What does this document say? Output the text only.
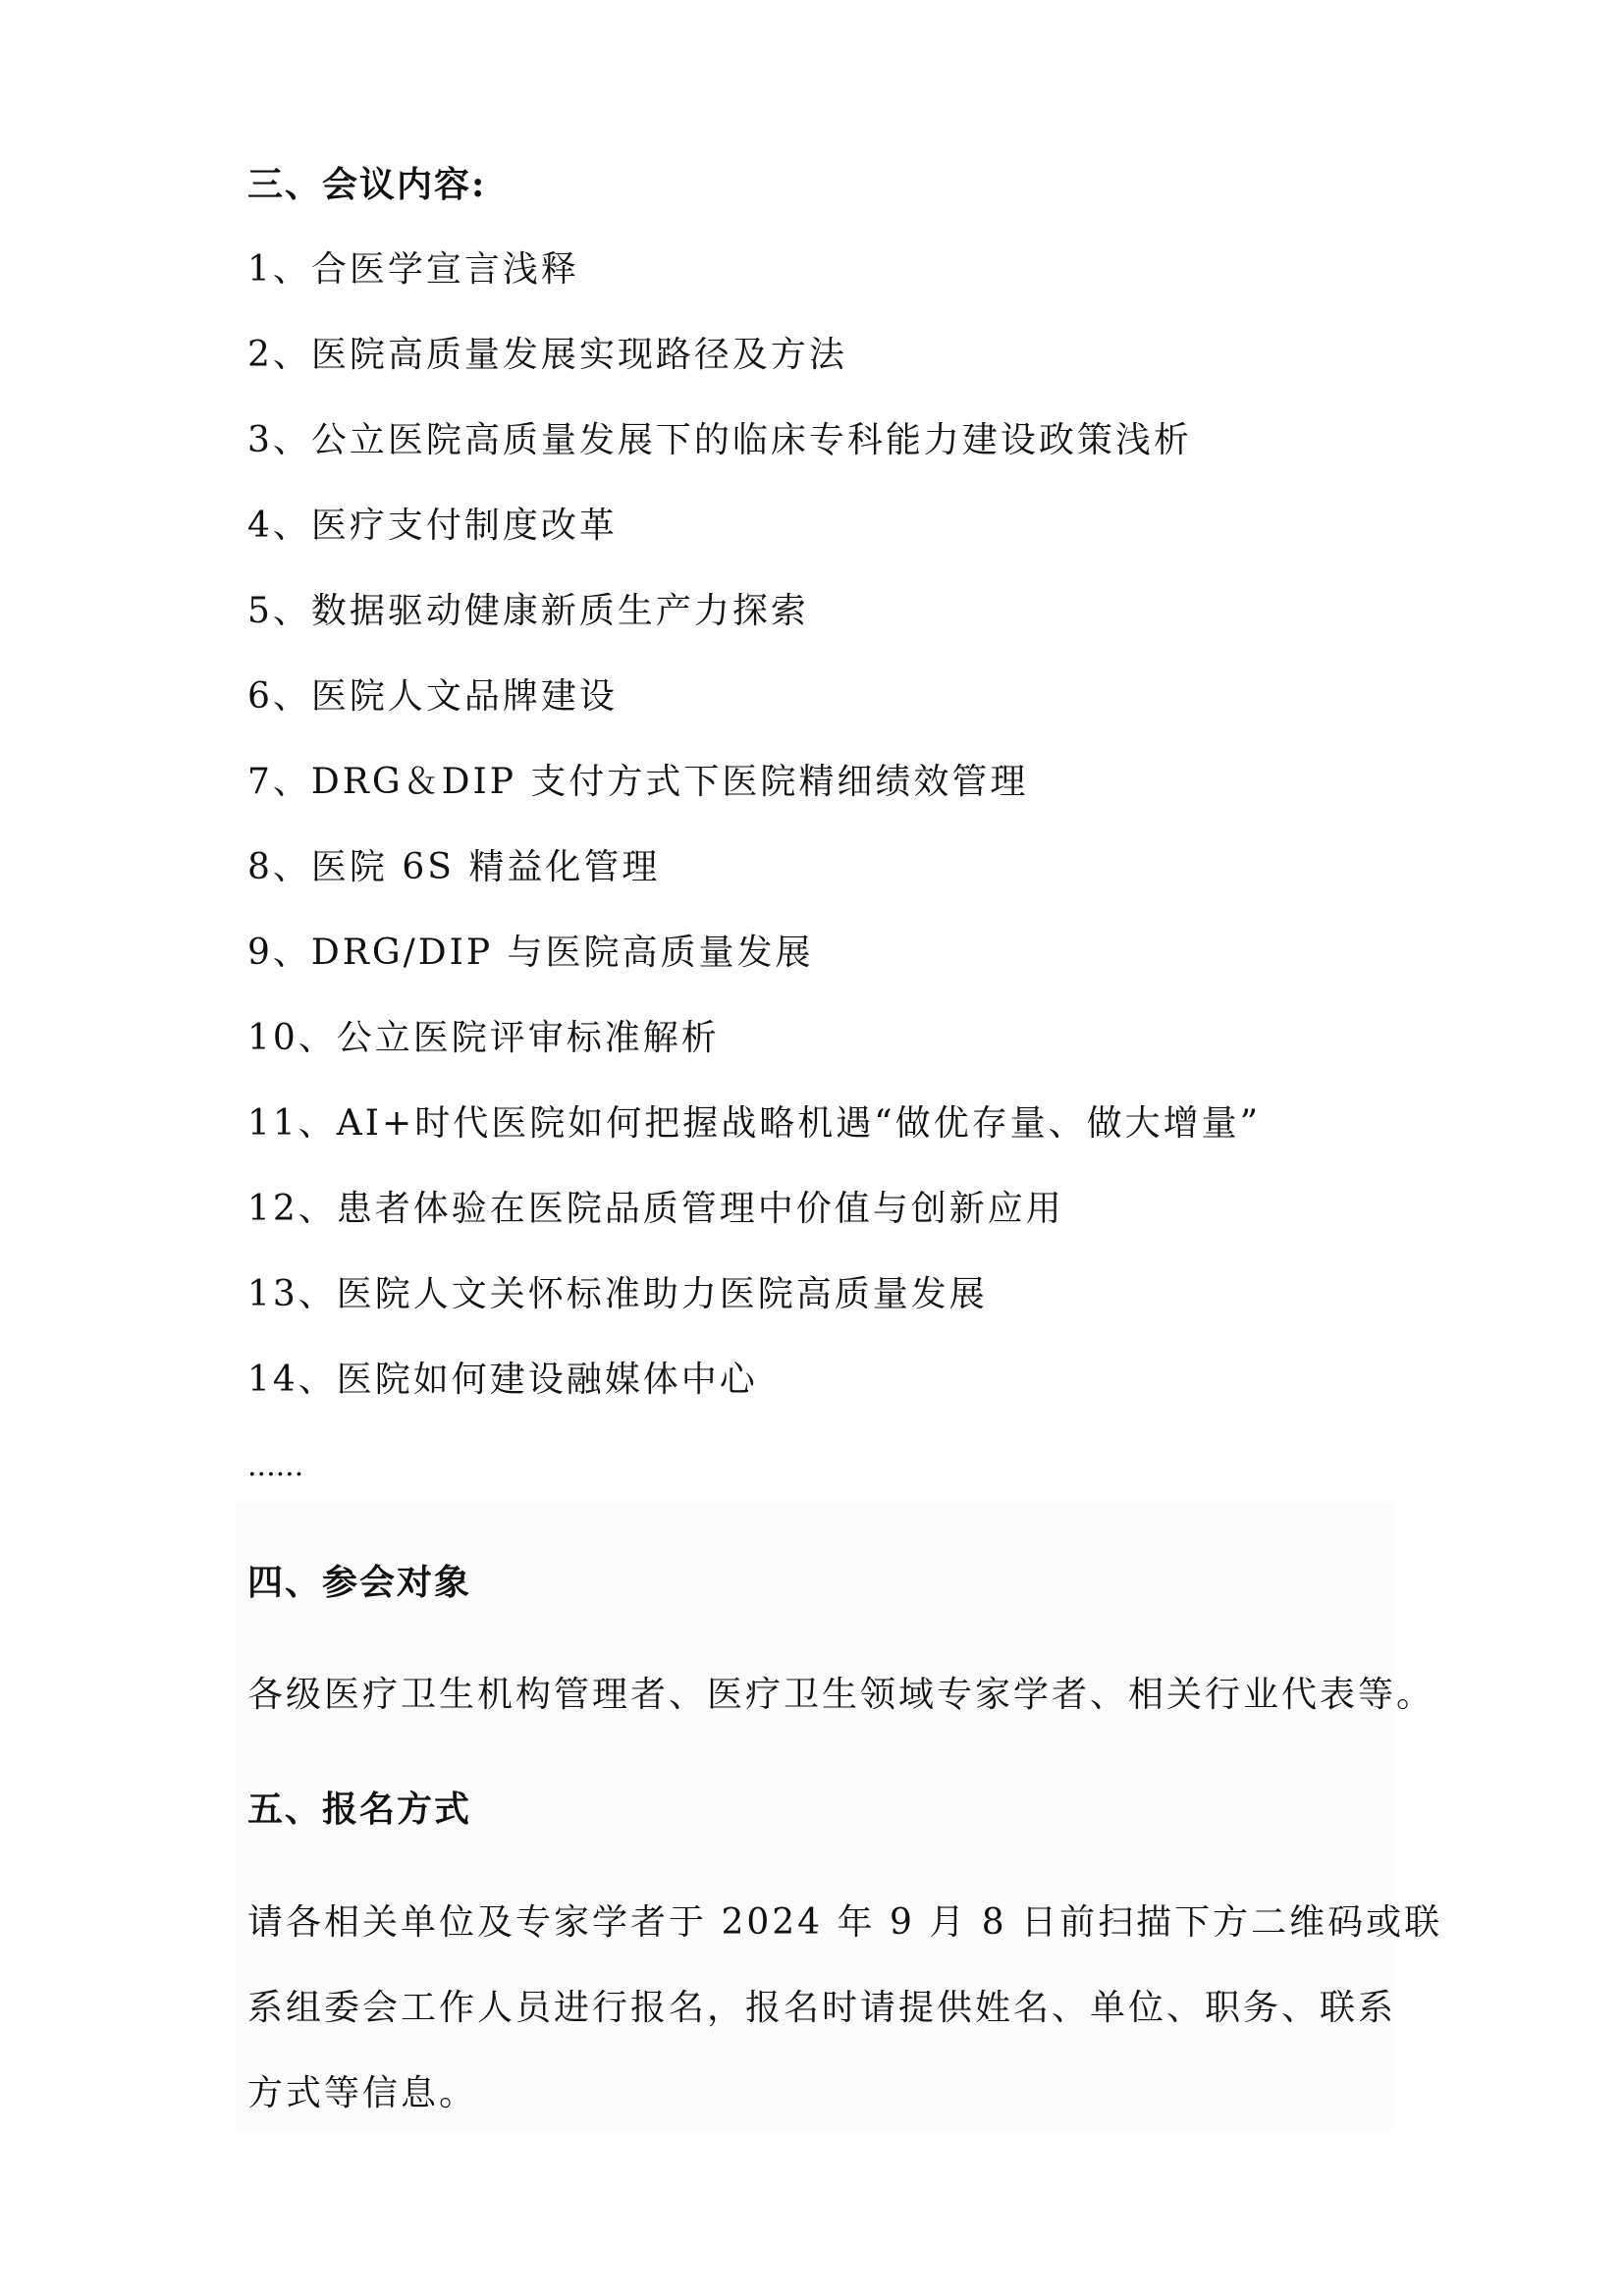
三、会议内容:
1、合医学宣言浅释
2、医院高质量发展实现路径及方法
3、公立医院高质量发展下的临床专科能力建设政策浅析
4、医疗支付制度改革
5、数据驱动健康新质生产力探索
6、医院人文品牌建设
7、DRG＆DIP 支付方式下医院精细绩效管理
8、医院 6S 精益化管理
9、DRG/DIP 与医院高质量发展
10、公立医院评审标准解析
11、AI+时代医院如何把握战略机遇“做优存量、做大增量”
12、患者体验在医院品质管理中价值与创新应用
13、医院人文关怀标准助力医院高质量发展
14、医院如何建设融媒体中心
......
四、参会对象
各级医疗卫生机构管理者、医疗卫生领域专家学者、相关行业代表等。
五、报名方式
请各相关单位及专家学者于 2024 年 9 月 8 日前扫描下方二维码或联
系组委会工作人员进行报名，报名时请提供姓名、单位、职务、联系
方式等信息。
